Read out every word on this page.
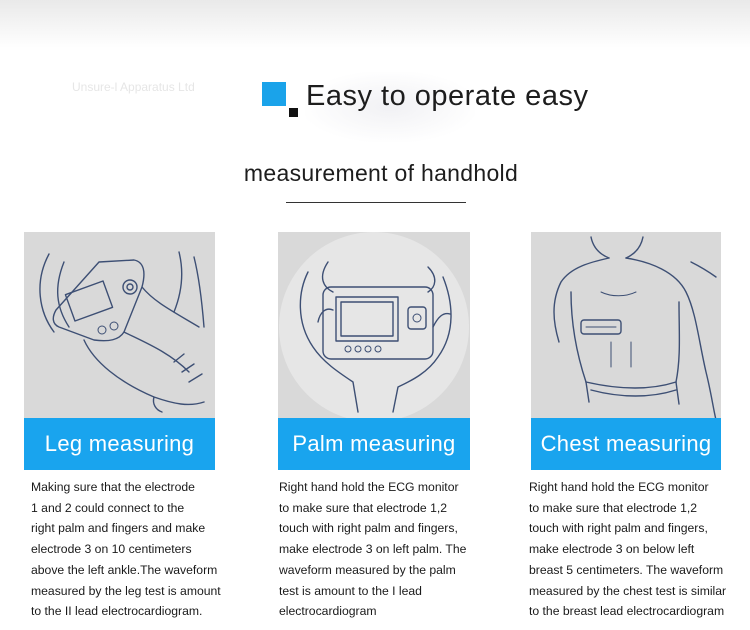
Unsure-l Apparatus Ltd	Easy to operate easy
measurement of handhold
Leg measuring

Making sure that the electrode
1 and 2 could connect to the
right palm and fingers and make
electrode 3 on 10 centimeters
above the left ankle.The waveform
measured by the leg test is amount
to the II lead electrocardiogram.

Palm measuring

Right hand hold the ECG monitor
to make sure that electrode 1,2
touch with right palm and fingers,
make electrode 3 on left palm. The
waveform measured by the palm
test is amount to the I lead
electrocardiogram

Chest measuring

Right hand hold the ECG monitor
to make sure that electrode 1,2
touch with right palm and fingers,
make electrode 3 on below left
breast 5 centimeters. The waveform
measured by the chest test is similar
to the breast lead electrocardiogram
